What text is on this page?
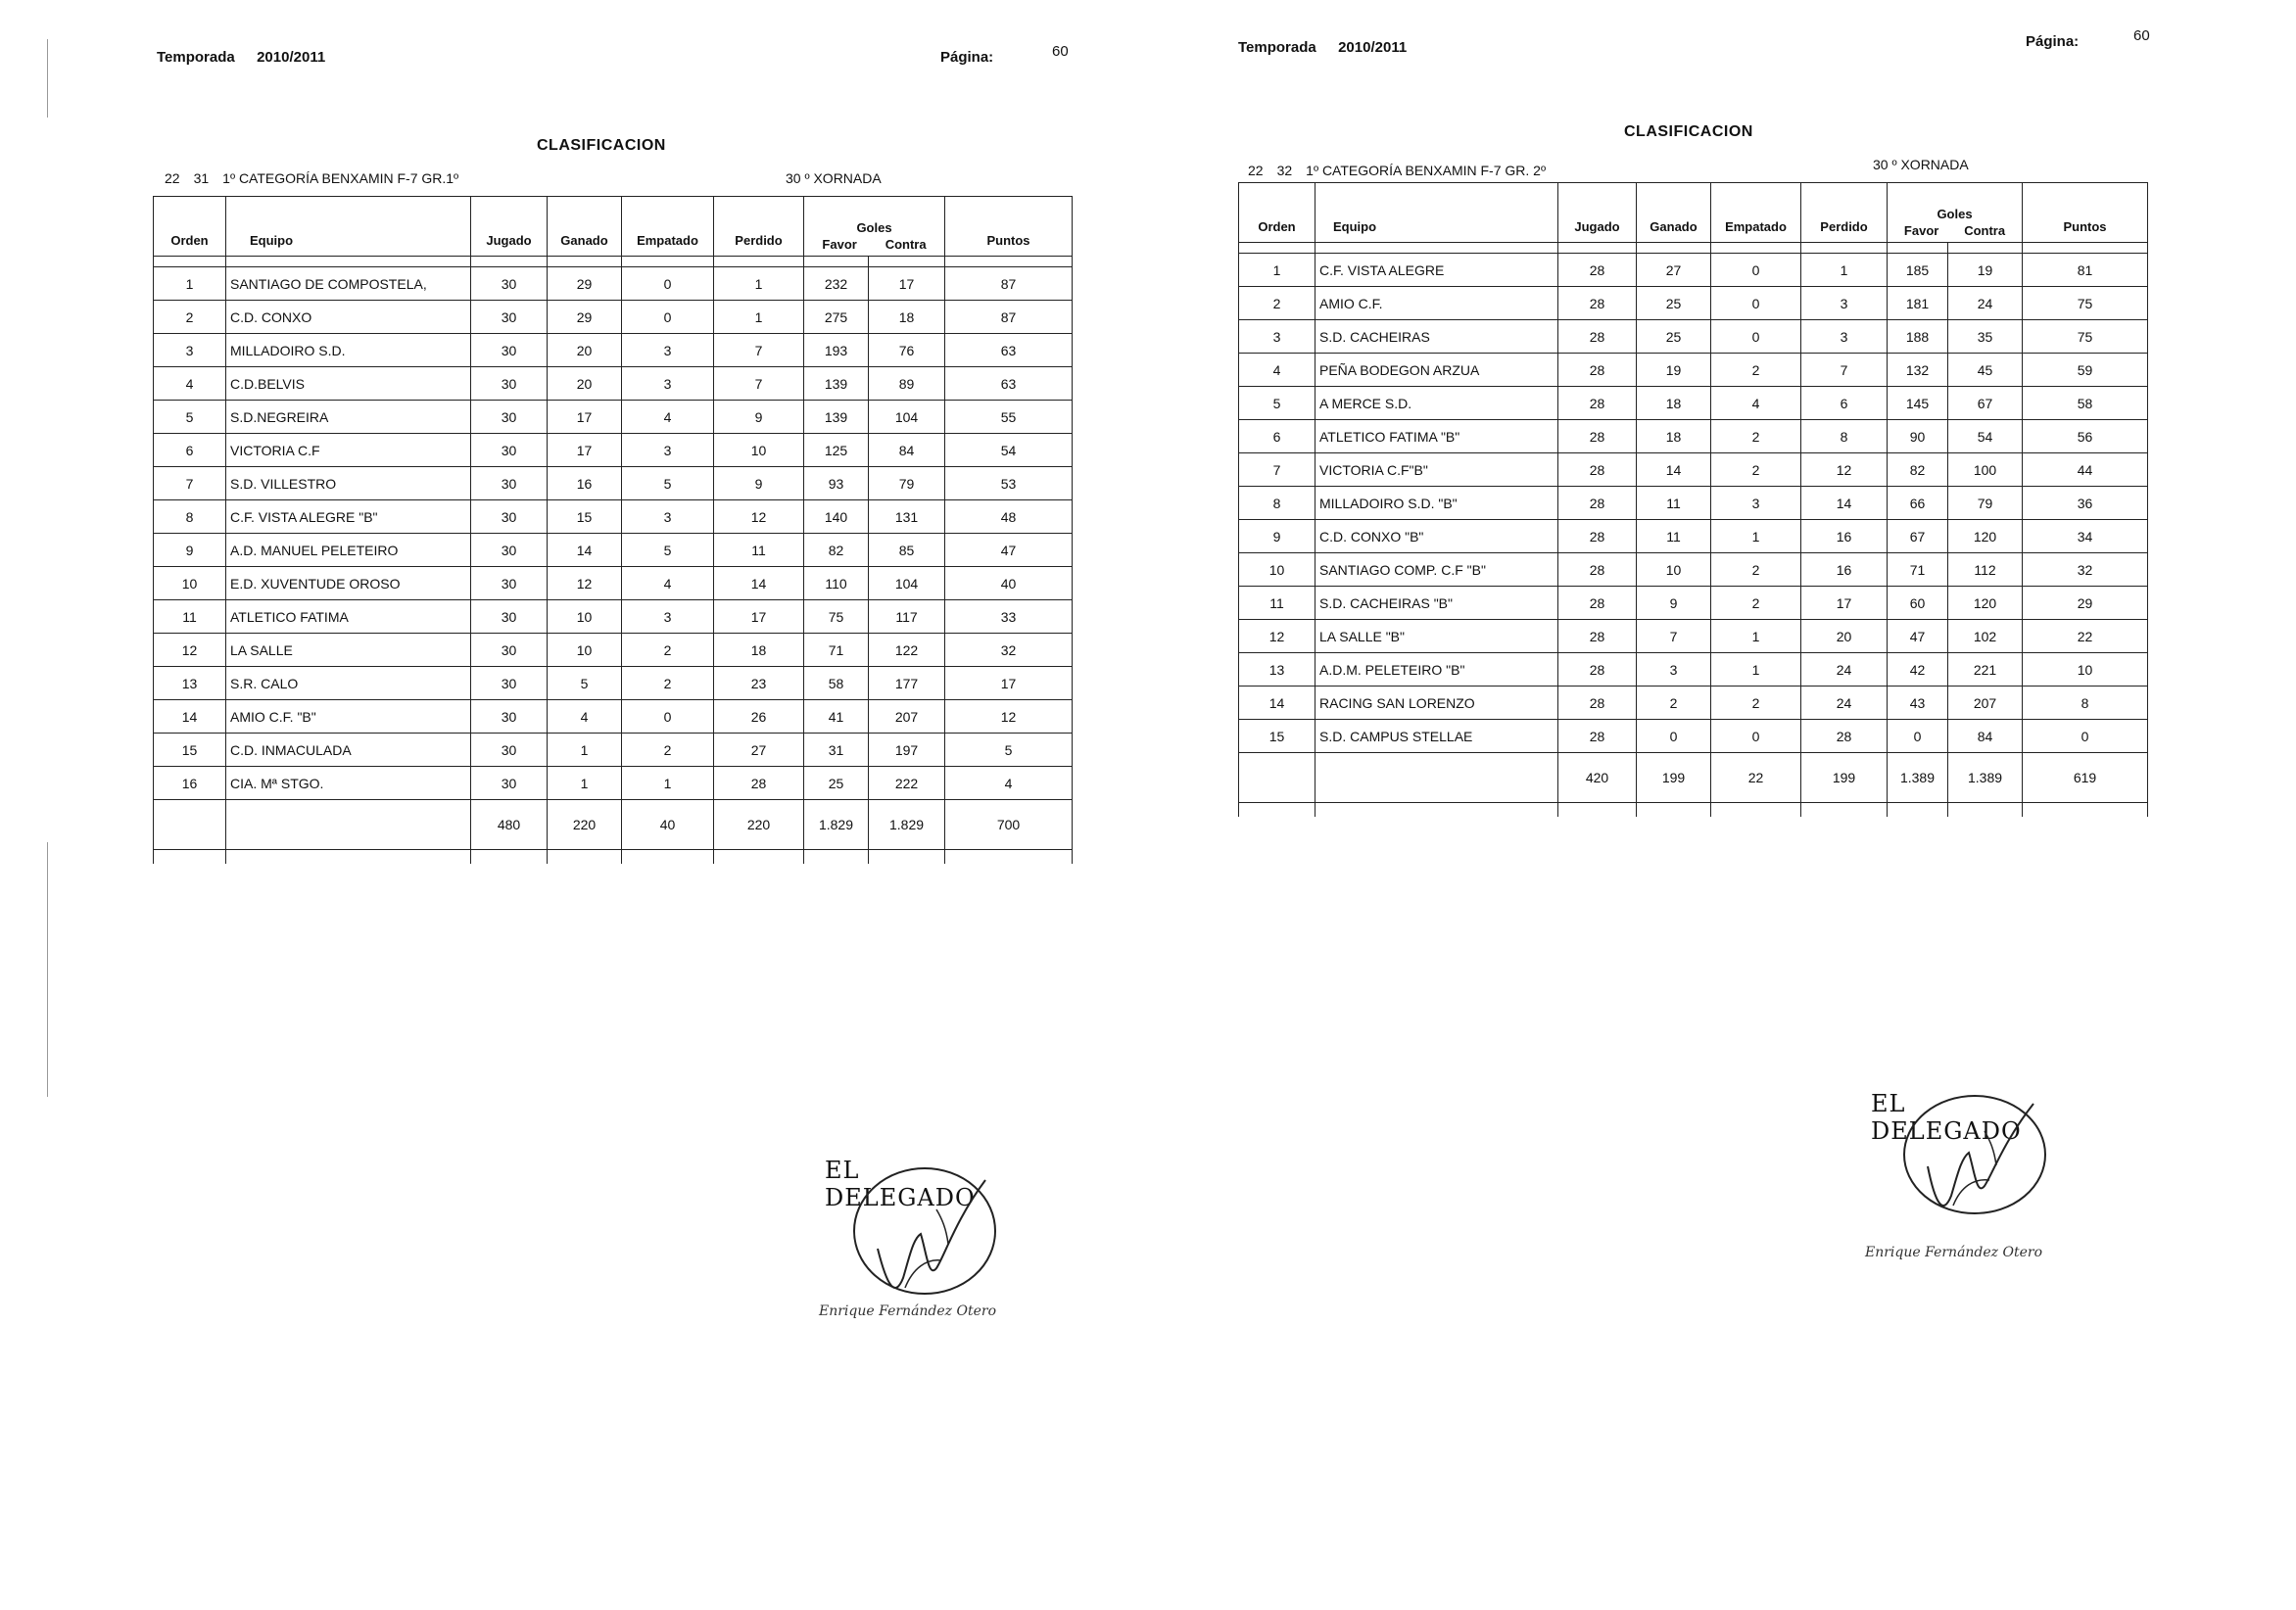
Temporada 2010/2011	Página:	60
CLASIFICACION
22 31 1º CATEGORÍA BENXAMIN F-7 GR.1º	30 º XORNADA
Orden	Equipo	Jugado	Ganado	Empatado	Perdido	Goles
Favor Contra		Puntos

1	SANTIAGO DE COMPOSTELA,	30	29	0	1	232	17	87
2	C.D. CONXO	30	29	0	1	275	18	87
3	MILLADOIRO S.D.	30	20	3	7	193	76	63
4	C.D.BELVIS	30	20	3	7	139	89	63
5	S.D.NEGREIRA	30	17	4	9	139	104	55
6	VICTORIA C.F	30	17	3	10	125	84	54
7	S.D. VILLESTRO	30	16	5	9	93	79	53
8	C.F. VISTA ALEGRE "B"	30	15	3	12	140	131	48
9	A.D. MANUEL PELETEIRO	30	14	5	11	82	85	47
10	E.D. XUVENTUDE OROSO	30	12	4	14	110	104	40
11	ATLETICO FATIMA	30	10	3	17	75	117	33
12	LA SALLE	30	10	2	18	71	122	32
13	S.R. CALO	30	5	2	23	58	177	17
14	AMIO C.F. "B"	30	4	0	26	41	207	12
15	C.D. INMACULADA	30	1	2	27	31	197	5
16	CIA. Mª STGO.	30	1	1	28	25	222	4
		480	220	40	220	1.829	1.829	700

EL DELEGADO
Enrique Fernández Otero
Temporada 2010/2011	Página:	60
CLASIFICACION
22 32 1º CATEGORÍA BENXAMIN F-7 GR. 2º	30 º XORNADA
Orden	Equipo	Jugado	Ganado	Empatado	Perdido	Goles
Favor Contra		Puntos

1	C.F. VISTA ALEGRE	28	27	0	1	185	19	81
2	AMIO C.F.	28	25	0	3	181	24	75
3	S.D. CACHEIRAS	28	25	0	3	188	35	75
4	PEÑA BODEGON ARZUA	28	19	2	7	132	45	59
5	A MERCE S.D.	28	18	4	6	145	67	58
6	ATLETICO FATIMA "B"	28	18	2	8	90	54	56
7	VICTORIA C.F"B"	28	14	2	12	82	100	44
8	MILLADOIRO S.D. "B"	28	11	3	14	66	79	36
9	C.D. CONXO "B"	28	11	1	16	67	120	34
10	SANTIAGO COMP. C.F "B"	28	10	2	16	71	112	32
11	S.D. CACHEIRAS "B"	28	9	2	17	60	120	29
12	LA SALLE "B"	28	7	1	20	47	102	22
13	A.D.M. PELETEIRO "B"	28	3	1	24	42	221	10
14	RACING SAN LORENZO	28	2	2	24	43	207	8
15	S.D. CAMPUS STELLAE	28	0	0	28	0	84	0
		420	199	22	199	1.389	1.389	619

EL DELEGADO
Enrique Fernández Otero
